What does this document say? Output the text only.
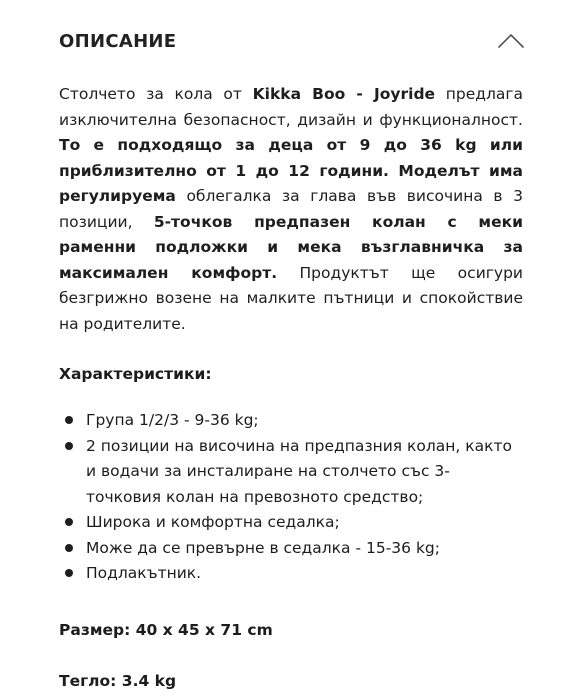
ОПИСАНИЕ
Столчето за кола от Kikka Boo - Joyride предлага изключителна безопасност, дизайн и функционалност. То е подходящо за деца от 9 до 36 kg или приблизително от 1 до 12 години. Моделът има регулируема облегалка за глава във височина в 3 позиции, 5-точков предпазен колан с меки раменни подложки и мека възглавничка за максимален комфорт. Продуктът ще осигури безгрижно возене на малките пътници и спокойствие на родителите.
Характеристики:
Група 1/2/3 - 9-36 kg;
2 позиции на височина на предпазния колан, както и водачи за инсталиране на столчето със 3-точковия колан на превозното средство;
Широка и комфортна седалка;
Може да се превърне в седалка - 15-36 kg;
Подлакътник.
Размер: 40 x 45 x 71 cm
Тегло: 3.4 kg
